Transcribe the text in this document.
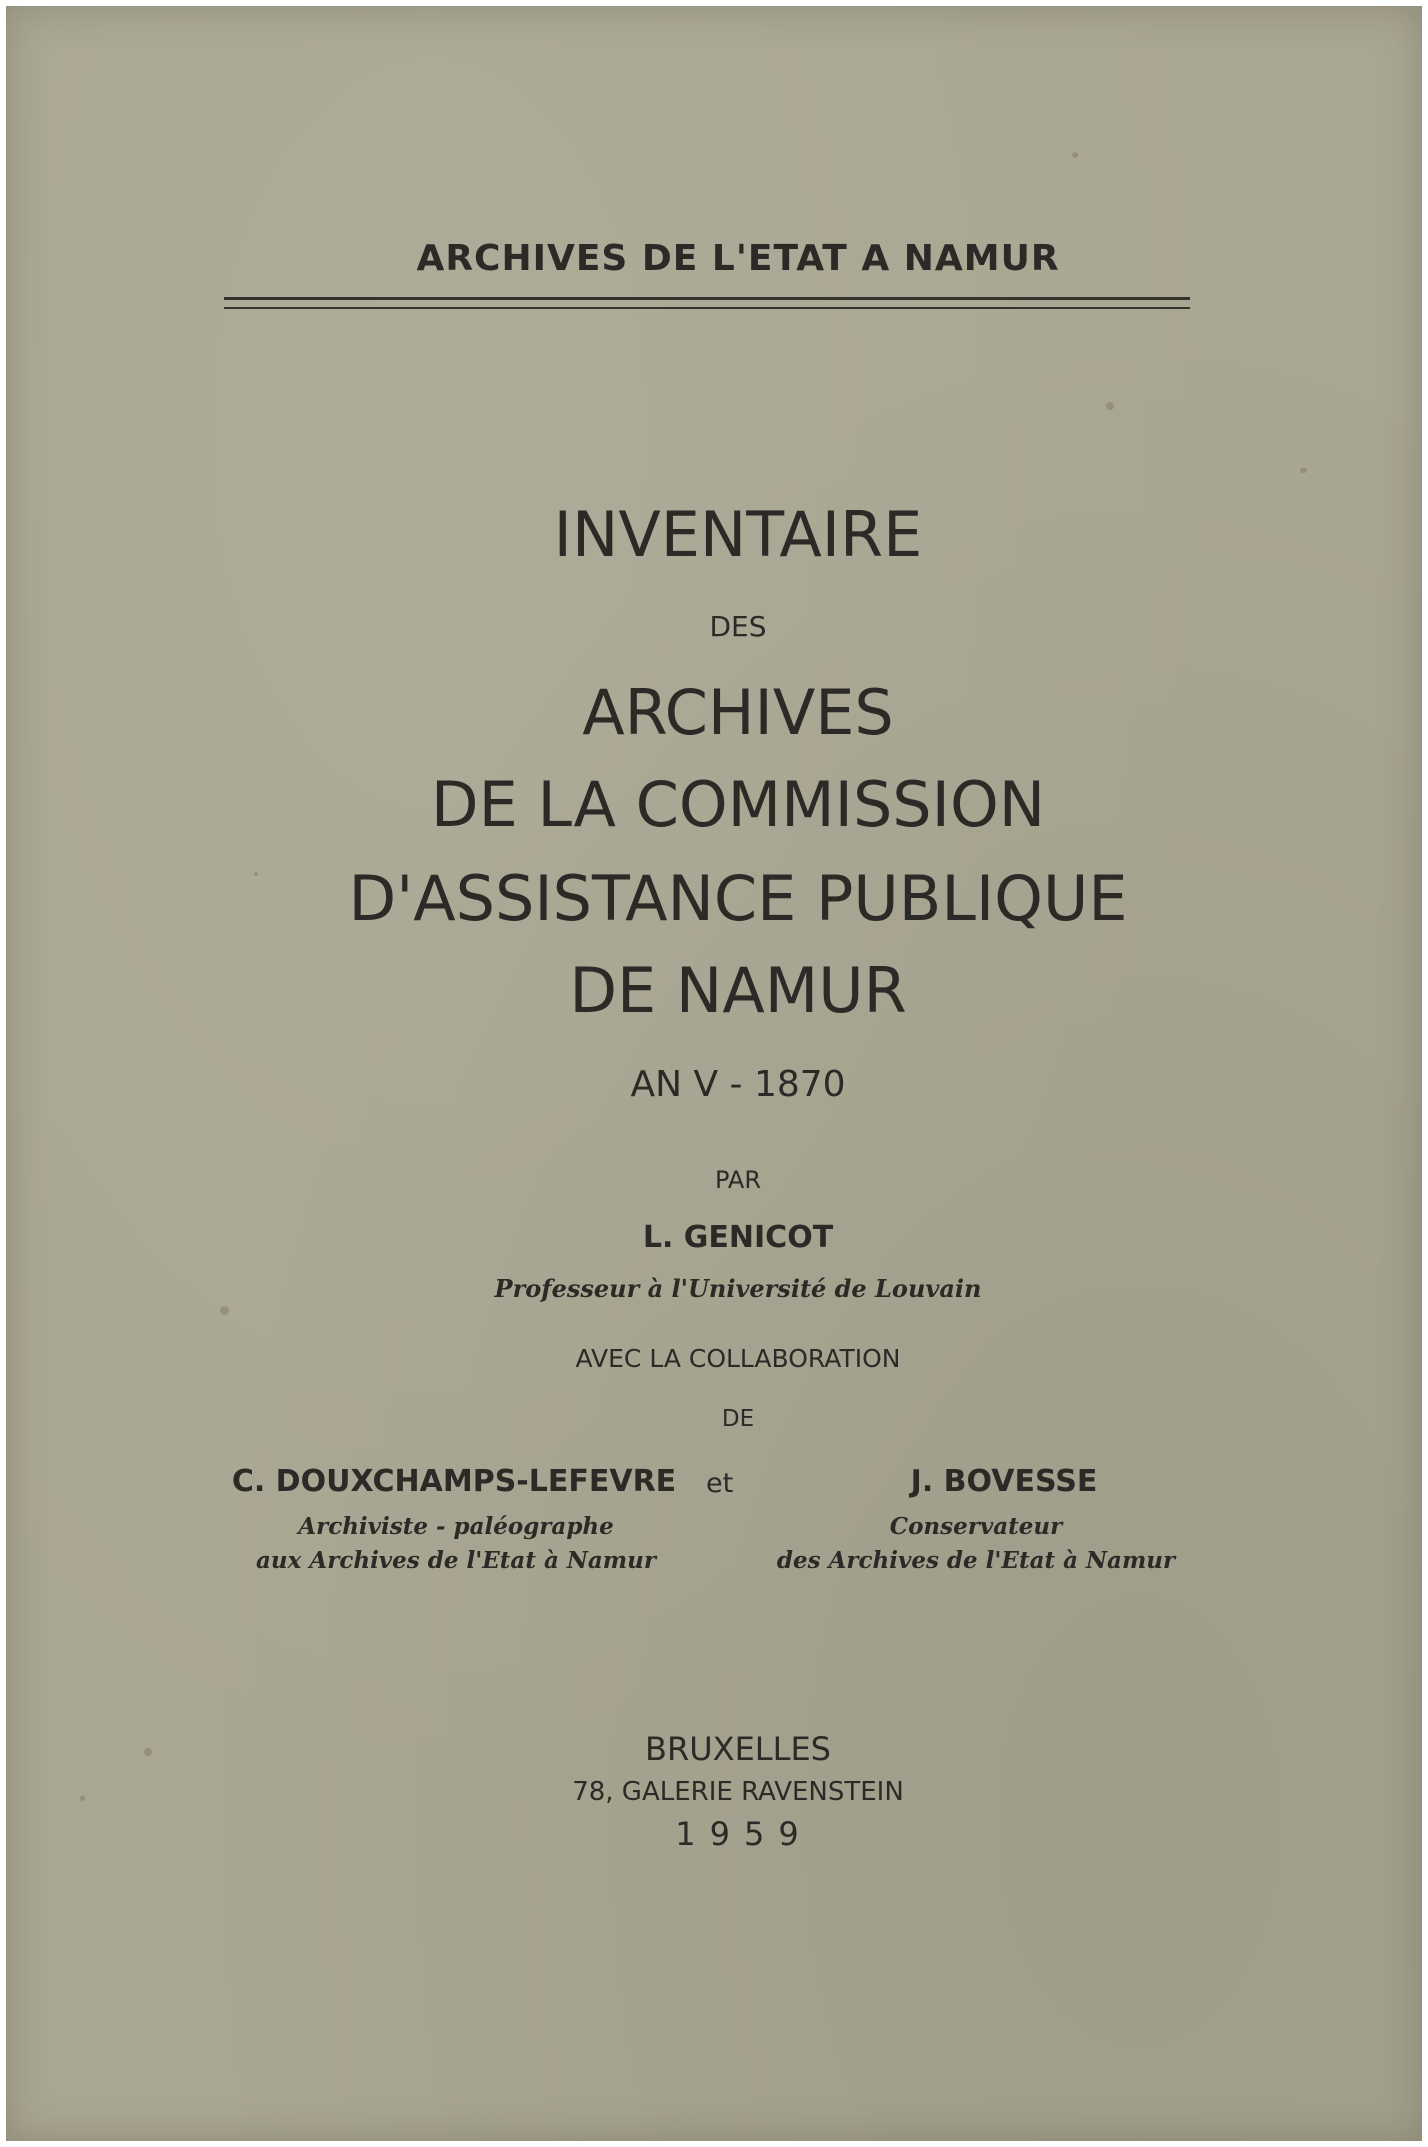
ARCHIVES DE L'ETAT A NAMUR

INVENTAIRE

DES

ARCHIVES

DE LA COMMISSION

D'ASSISTANCE PUBLIQUE

DE NAMUR

AN V - 1870

PAR

L. GENICOT

Professeur à l'Université de Louvain

AVEC LA COLLABORATION

DE

C. DOUXCHAMPS-LEFEVRE	et	J. BOVESSE
Archiviste - paléographe
aux Archives de l'Etat à Namur
Conservateur
des Archives de l'Etat à Namur

BRUXELLES

78, GALERIE RAVENSTEIN

1959
